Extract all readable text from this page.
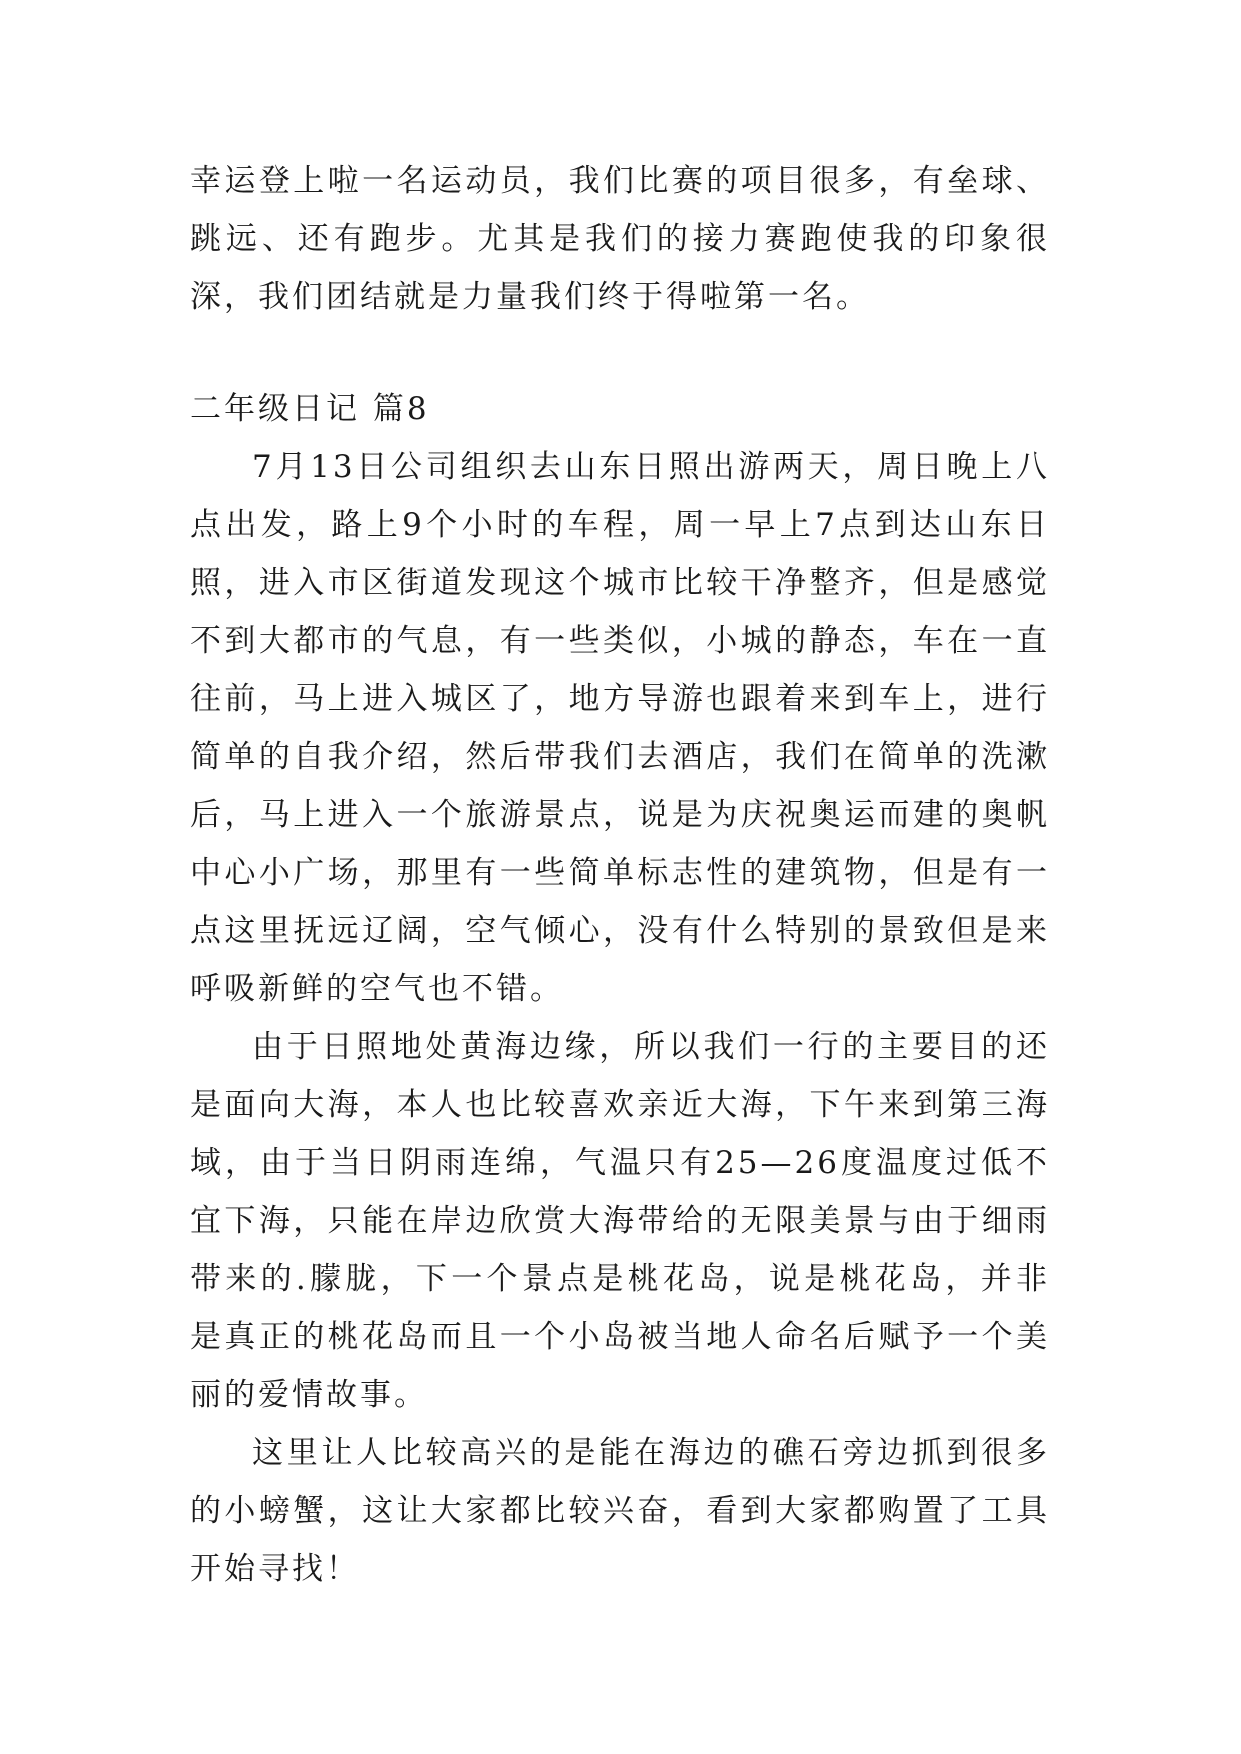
幸运登上啦一名运动员，我们比赛的项目很多，有垒球、跳远、还有跑步。尤其是我们的接力赛跑使我的印象很深，我们团结就是力量我们终于得啦第一名。

二年级日记 篇8

7月13日公司组织去山东日照出游两天，周日晚上八点出发，路上9个小时的车程，周一早上7点到达山东日照，进入市区街道发现这个城市比较干净整齐，但是感觉不到大都市的气息，有一些类似，小城的静态，车在一直往前，马上进入城区了，地方导游也跟着来到车上，进行简单的自我介绍，然后带我们去酒店，我们在简单的洗漱后，马上进入一个旅游景点，说是为庆祝奥运而建的奥帆中心小广场，那里有一些简单标志性的建筑物，但是有一点这里抚远辽阔，空气倾心，没有什么特别的景致但是来呼吸新鲜的空气也不错。

由于日照地处黄海边缘，所以我们一行的主要目的还是面向大海，本人也比较喜欢亲近大海，下午来到第三海域，由于当日阴雨连绵，气温只有25—26度温度过低不宜下海，只能在岸边欣赏大海带给的无限美景与由于细雨带来的.朦胧，下一个景点是桃花岛，说是桃花岛，并非是真正的桃花岛而且一个小岛被当地人命名后赋予一个美丽的爱情故事。

这里让人比较高兴的是能在海边的礁石旁边抓到很多的小螃蟹，这让大家都比较兴奋，看到大家都购置了工具开始寻找！
